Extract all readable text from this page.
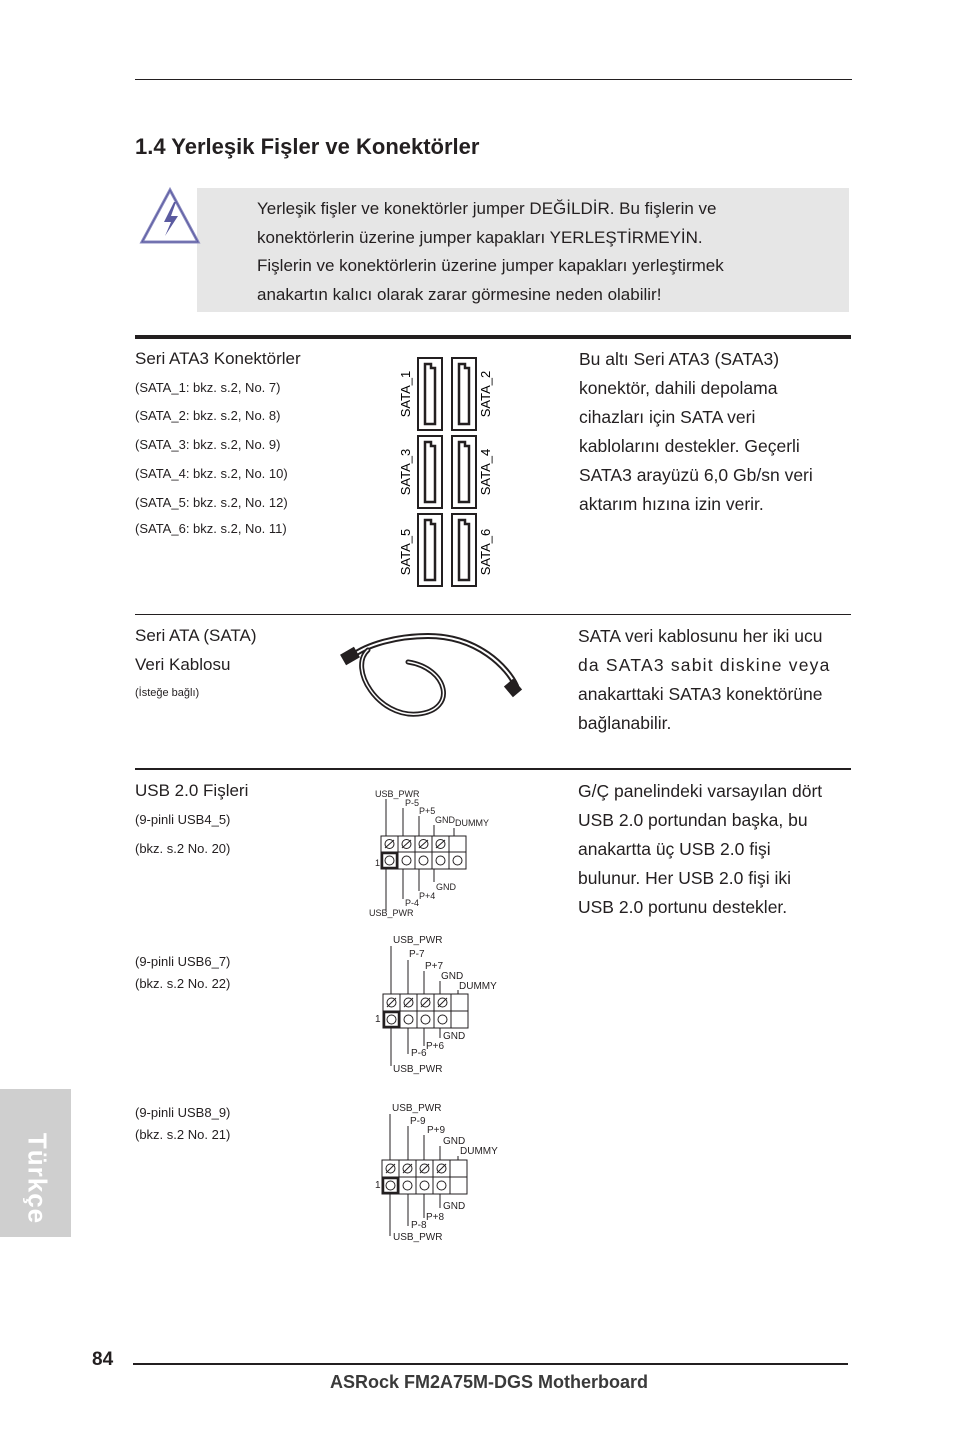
1.4 Yerleşik Fişler ve Konektörler
Yerleşik fişler ve konektörler jumper DEĞİLDİR. Bu fişlerin ve
konektörlerin üzerine jumper kapakları YERLEŞTİRMEYİN.
Fişlerin ve konektörlerin üzerine jumper kapakları yerleştirmek
anakartın kalıcı olarak zarar görmesine neden olabilir!
Seri ATA3 Konektörler
(SATA_1: bkz. s.2, No. 7)
(SATA_2: bkz. s.2, No. 8)
(SATA_3: bkz. s.2, No. 9)
(SATA_4: bkz. s.2, No. 10)
(SATA_5: bkz. s.2, No. 12)
(SATA_6: bkz. s.2, No. 11)
SATA_1	SATA_2
SATA_3	SATA_4
SATA_5	SATA_6
Bu altı Seri ATA3 (SATA3)
konektör, dahili depolama
cihazları için SATA veri
kablolarını destekler. Geçerli
SATA3 arayüzü 6,0 Gb/sn veri
aktarım hızına izin verir.
Seri ATA (SATA)
Veri Kablosu
(İsteğe bağlı)
SATA veri kablosunu her iki ucu
da SATA3 sabit diskine veya
anakarttaki SATA3 konektörüne
bağlanabilir.
USB 2.0 Fişleri
(9-pinli USB4_5)
(bkz. s.2 No. 20)
(9-pinli USB6_7)
(bkz. s.2 No. 22)
(9-pinli USB8_9)
(bkz. s.2 No. 21)
USB_PWR
P-5
P+5
GND DUMMY
GND
P+4
P-4
USB_PWR
1
USB_PWR
P-7
P+7
GND
DUMMY
GND
P+6
P-6
USB_PWR
1
USB_PWR
P-9
P+9
GND
DUMMY
GND
P+8
P-8
USB_PWR
1
G/Ç panelindeki varsayılan dört
USB 2.0 portundan başka, bu
anakartta üç USB 2.0 fişi
bulunur. Her USB 2.0 fişi iki
USB 2.0 portunu destekler.
Türkçe
84
ASRock FM2A75M-DGS Motherboard
